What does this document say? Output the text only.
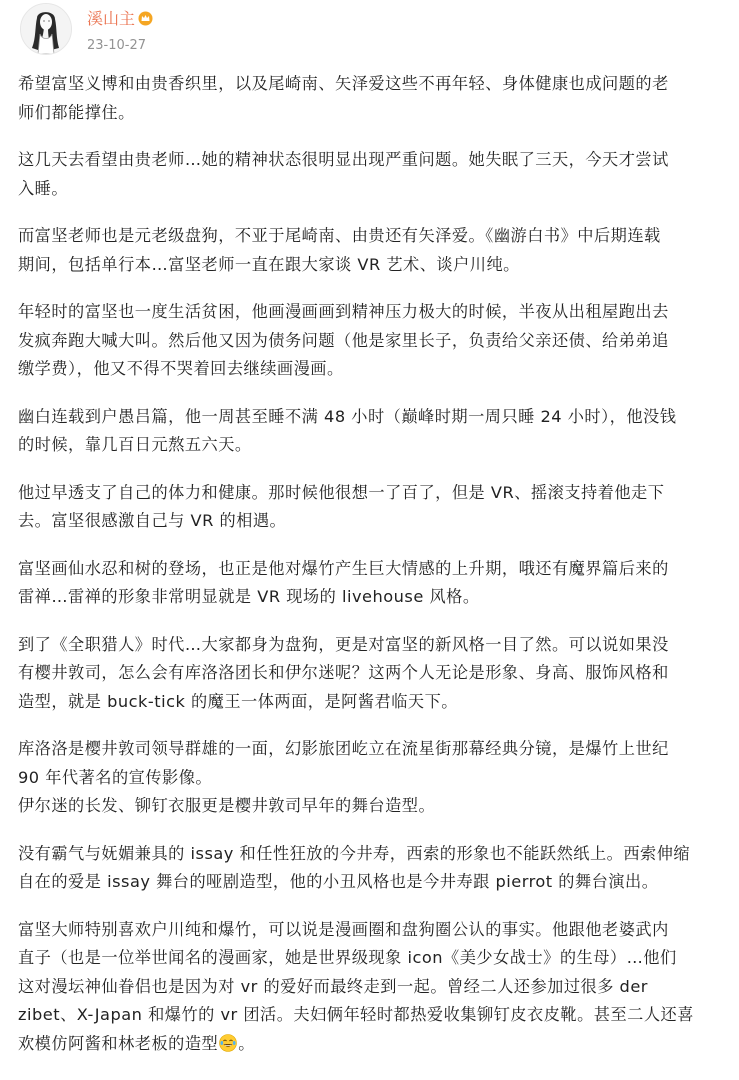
溪山主
23-10-27

希望富坚义博和由贵香织里，以及尾崎南、矢泽爱这些不再年轻、身体健康也成问题的老
师们都能撑住。

这几天去看望由贵老师…她的精神状态很明显出现严重问题。她失眠了三天，今天才尝试
入睡。

而富坚老师也是元老级盘狗，不亚于尾崎南、由贵还有矢泽爱。《幽游白书》中后期连载
期间，包括单行本…富坚老师一直在跟大家谈 VR 艺术、谈户川纯。

年轻时的富坚也一度生活贫困，他画漫画画到精神压力极大的时候，半夜从出租屋跑出去
发疯奔跑大喊大叫。然后他又因为债务问题（他是家里长子，负责给父亲还债、给弟弟追
缴学费），他又不得不哭着回去继续画漫画。

幽白连载到户愚吕篇，他一周甚至睡不满 48 小时（巅峰时期一周只睡 24 小时），他没钱
的时候，靠几百日元熬五六天。

他过早透支了自己的体力和健康。那时候他很想一了百了，但是 VR、摇滚支持着他走下
去。富坚很感激自己与 VR 的相遇。

富坚画仙水忍和树的登场，也正是他对爆竹产生巨大情感的上升期，哦还有魔界篇后来的
雷禅…雷禅的形象非常明显就是 VR 现场的 livehouse 风格。

到了《全职猎人》时代…大家都身为盘狗，更是对富坚的新风格一目了然。可以说如果没
有樱井敦司，怎么会有库洛洛团长和伊尔迷呢？这两个人无论是形象、身高、服饰风格和
造型，就是 buck-tick 的魔王一体两面，是阿酱君临天下。

库洛洛是樱井敦司领导群雄的一面，幻影旅团屹立在流星街那幕经典分镜，是爆竹上世纪
90 年代著名的宣传影像。
伊尔迷的长发、铆钉衣服更是樱井敦司早年的舞台造型。

没有霸气与妩媚兼具的 issay 和任性狂放的今井寿，西索的形象也不能跃然纸上。西索伸缩
自在的爱是 issay 舞台的哑剧造型，他的小丑风格也是今井寿跟 pierrot 的舞台演出。

富坚大师特别喜欢户川纯和爆竹，可以说是漫画圈和盘狗圈公认的事实。他跟他老婆武内
直子（也是一位举世闻名的漫画家，她是世界级现象 icon《美少女战士》的生母）…他们
这对漫坛神仙眷侣也是因为对 vr 的爱好而最终走到一起。曾经二人还参加过很多 der
zibet、X-Japan 和爆竹的 vr 团活。夫妇俩年轻时都热爱收集铆钉皮衣皮靴。甚至二人还喜
欢模仿阿酱和林老板的造型 。
